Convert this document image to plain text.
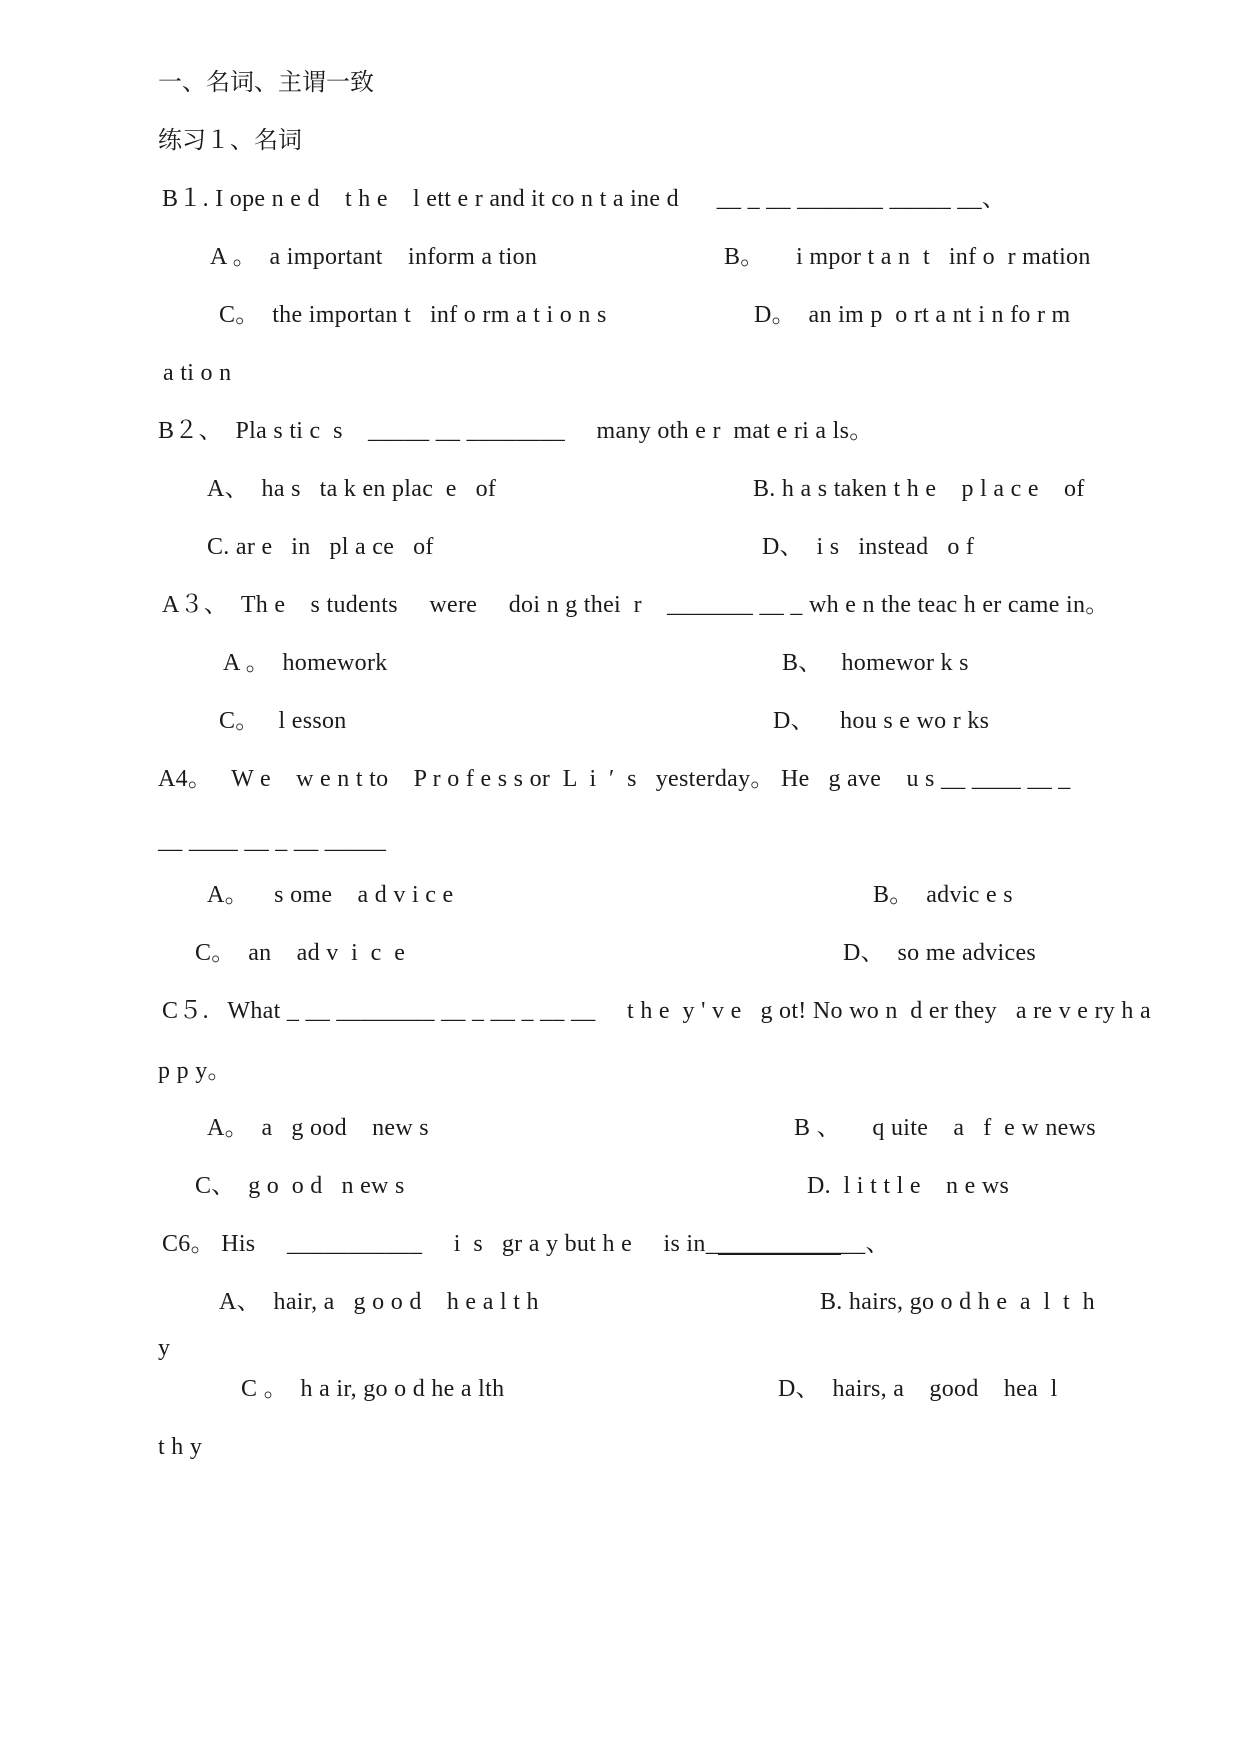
一、名词、主谓一致

练习１、名词

B１. I ope n e d    t h e    l ett e r and it co n t a ine d      __ _ __ _______ _____ __、

A 。  a important    inform a tion	B。     i mpor t a n  t   inf o  r mation

C。  the importan t   inf o rm a t i o n s	D。  an im p  o rt a nt i n fo r m

a ti o n

B２、  Pla s ti c  s    _____ __ ________     many oth e r  mat e ri a ls。

A、  ha s   ta k en plac  e   of	B. h a s taken t h e    p l a c e    of

C. ar e   in   pl a ce   of	D、  i s   instead   o f

A３、  Th e    s tudents     were     doi n g thei  r    _______ __ _ wh e n the teac h er came in。

A 。  homework	B、   homewor k s

C。   l esson	D、    hou s e wo r ks

A4。   W e    w e n t to    P r o f e s s or  L  i  ′  s   yesterday。 He   g ave    u s __ ____ __ _

__ ____ __ _ __ _____

A。    s ome    a d v i c e	B。  advic e s

C。  an    ad v  i  c  e	D、  so me advices

C５.   What _ __ ________ __ _ __ _ __ __     t h e  y ' v e   g ot! No wo n  d er they   a re v e ry h a

p p y。

A。  a   g ood    new s	B 、     q uite    a   f  e w news

C、  g o  o d   n ew s	D.  l i t t l e    n e ws

C6。 His     ___________     i  s   gr a y but h e     is in_____________、

A、  hair, a   g o o d    h e a l t h	B. hairs, go o d h e  a  l  t  h

y

C 。  h a ir, go o d he a lth	D、  hairs, a    good    hea  l

t h y
